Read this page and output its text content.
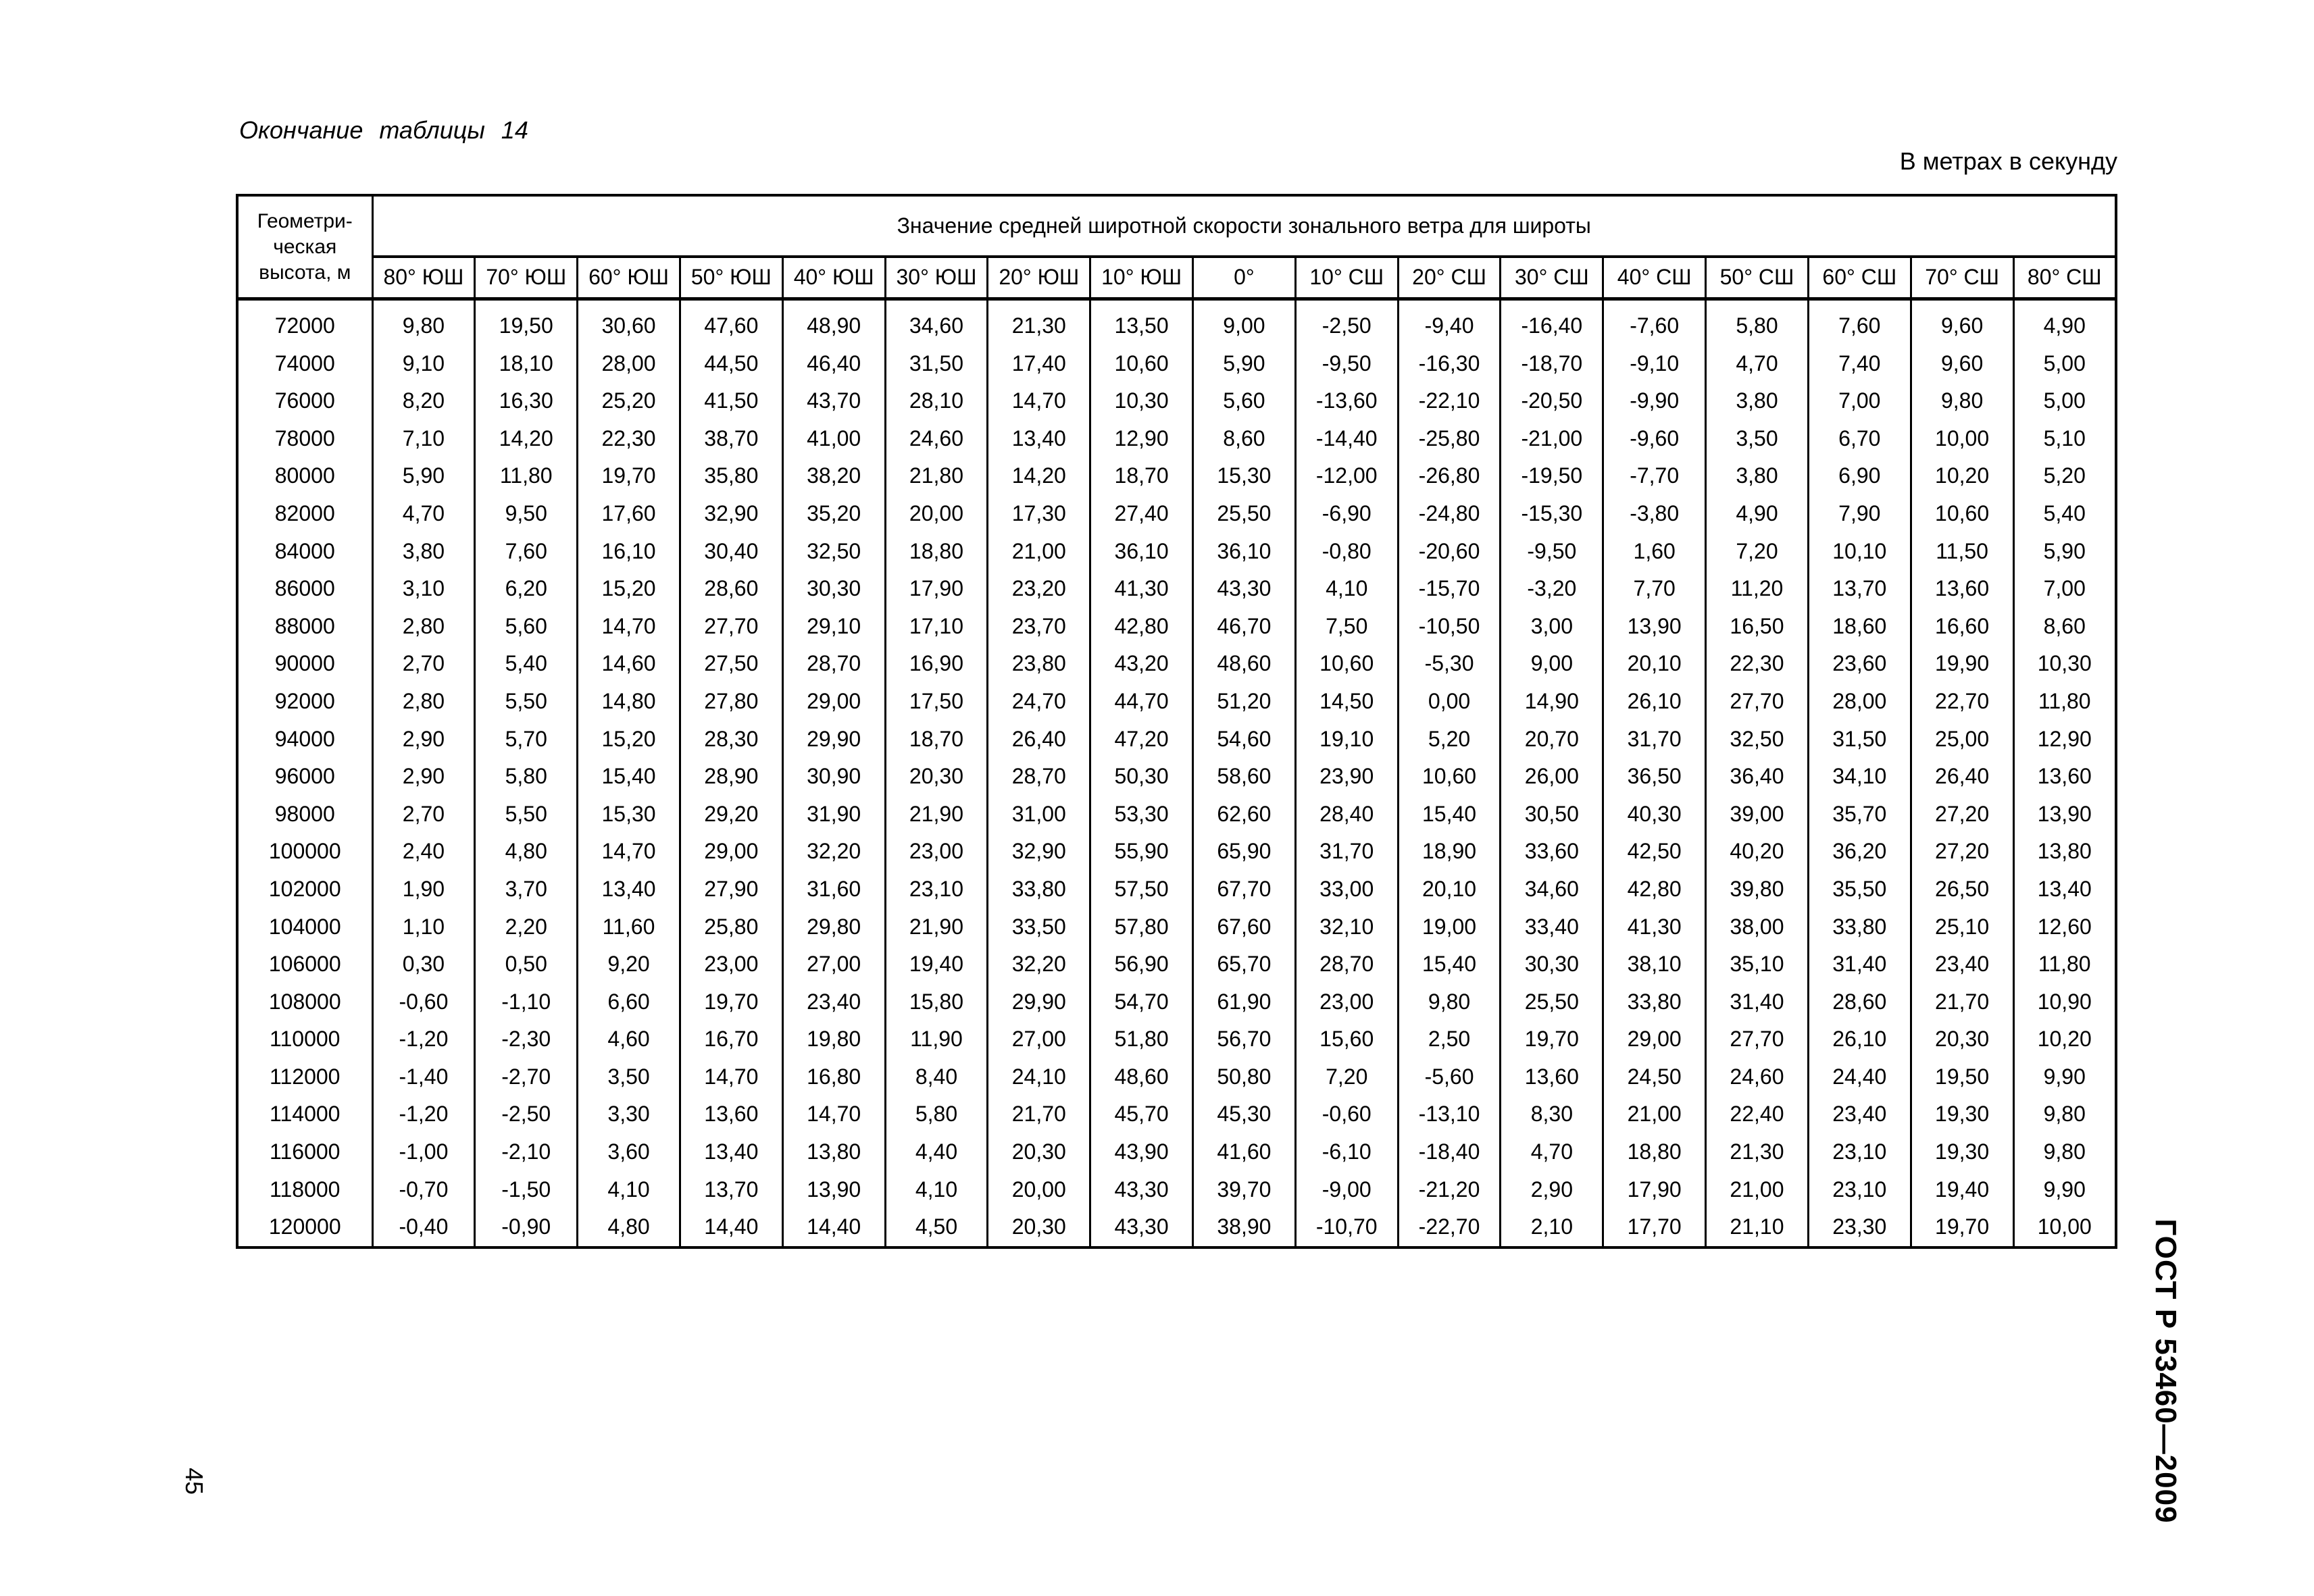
Окончание таблицы 14
В метрах в секунду
Геометри-
ческая
высота, м	Значение средней широтной скорости зонального ветра для широты																
	80° ЮШ	70° ЮШ	60° ЮШ	50° ЮШ	40° ЮШ	30° ЮШ	20° ЮШ	10° ЮШ	0°	10° СШ	20° СШ	30° СШ	40° СШ	50° СШ	60° СШ	70° СШ	80° СШ
72000	9,80	19,50	30,60	47,60	48,90	34,60	21,30	13,50	9,00	-2,50	-9,40	-16,40	-7,60	5,80	7,60	9,60	4,90
74000	9,10	18,10	28,00	44,50	46,40	31,50	17,40	10,60	5,90	-9,50	-16,30	-18,70	-9,10	4,70	7,40	9,60	5,00
76000	8,20	16,30	25,20	41,50	43,70	28,10	14,70	10,30	5,60	-13,60	-22,10	-20,50	-9,90	3,80	7,00	9,80	5,00
78000	7,10	14,20	22,30	38,70	41,00	24,60	13,40	12,90	8,60	-14,40	-25,80	-21,00	-9,60	3,50	6,70	10,00	5,10
80000	5,90	11,80	19,70	35,80	38,20	21,80	14,20	18,70	15,30	-12,00	-26,80	-19,50	-7,70	3,80	6,90	10,20	5,20
82000	4,70	9,50	17,60	32,90	35,20	20,00	17,30	27,40	25,50	-6,90	-24,80	-15,30	-3,80	4,90	7,90	10,60	5,40
84000	3,80	7,60	16,10	30,40	32,50	18,80	21,00	36,10	36,10	-0,80	-20,60	-9,50	1,60	7,20	10,10	11,50	5,90
86000	3,10	6,20	15,20	28,60	30,30	17,90	23,20	41,30	43,30	4,10	-15,70	-3,20	7,70	11,20	13,70	13,60	7,00
88000	2,80	5,60	14,70	27,70	29,10	17,10	23,70	42,80	46,70	7,50	-10,50	3,00	13,90	16,50	18,60	16,60	8,60
90000	2,70	5,40	14,60	27,50	28,70	16,90	23,80	43,20	48,60	10,60	-5,30	9,00	20,10	22,30	23,60	19,90	10,30
92000	2,80	5,50	14,80	27,80	29,00	17,50	24,70	44,70	51,20	14,50	0,00	14,90	26,10	27,70	28,00	22,70	11,80
94000	2,90	5,70	15,20	28,30	29,90	18,70	26,40	47,20	54,60	19,10	5,20	20,70	31,70	32,50	31,50	25,00	12,90
96000	2,90	5,80	15,40	28,90	30,90	20,30	28,70	50,30	58,60	23,90	10,60	26,00	36,50	36,40	34,10	26,40	13,60
98000	2,70	5,50	15,30	29,20	31,90	21,90	31,00	53,30	62,60	28,40	15,40	30,50	40,30	39,00	35,70	27,20	13,90
100000	2,40	4,80	14,70	29,00	32,20	23,00	32,90	55,90	65,90	31,70	18,90	33,60	42,50	40,20	36,20	27,20	13,80
102000	1,90	3,70	13,40	27,90	31,60	23,10	33,80	57,50	67,70	33,00	20,10	34,60	42,80	39,80	35,50	26,50	13,40
104000	1,10	2,20	11,60	25,80	29,80	21,90	33,50	57,80	67,60	32,10	19,00	33,40	41,30	38,00	33,80	25,10	12,60
106000	0,30	0,50	9,20	23,00	27,00	19,40	32,20	56,90	65,70	28,70	15,40	30,30	38,10	35,10	31,40	23,40	11,80
108000	-0,60	-1,10	6,60	19,70	23,40	15,80	29,90	54,70	61,90	23,00	9,80	25,50	33,80	31,40	28,60	21,70	10,90
110000	-1,20	-2,30	4,60	16,70	19,80	11,90	27,00	51,80	56,70	15,60	2,50	19,70	29,00	27,70	26,10	20,30	10,20
112000	-1,40	-2,70	3,50	14,70	16,80	8,40	24,10	48,60	50,80	7,20	-5,60	13,60	24,50	24,60	24,40	19,50	9,90
114000	-1,20	-2,50	3,30	13,60	14,70	5,80	21,70	45,70	45,30	-0,60	-13,10	8,30	21,00	22,40	23,40	19,30	9,80
116000	-1,00	-2,10	3,60	13,40	13,80	4,40	20,30	43,90	41,60	-6,10	-18,40	4,70	18,80	21,30	23,10	19,30	9,80
118000	-0,70	-1,50	4,10	13,70	13,90	4,10	20,00	43,30	39,70	-9,00	-21,20	2,90	17,90	21,00	23,10	19,40	9,90
120000	-0,40	-0,90	4,80	14,40	14,40	4,50	20,30	43,30	38,90	-10,70	-22,70	2,10	17,70	21,10	23,30	19,70	10,00 ГОСТ Р 53460—2009
45
